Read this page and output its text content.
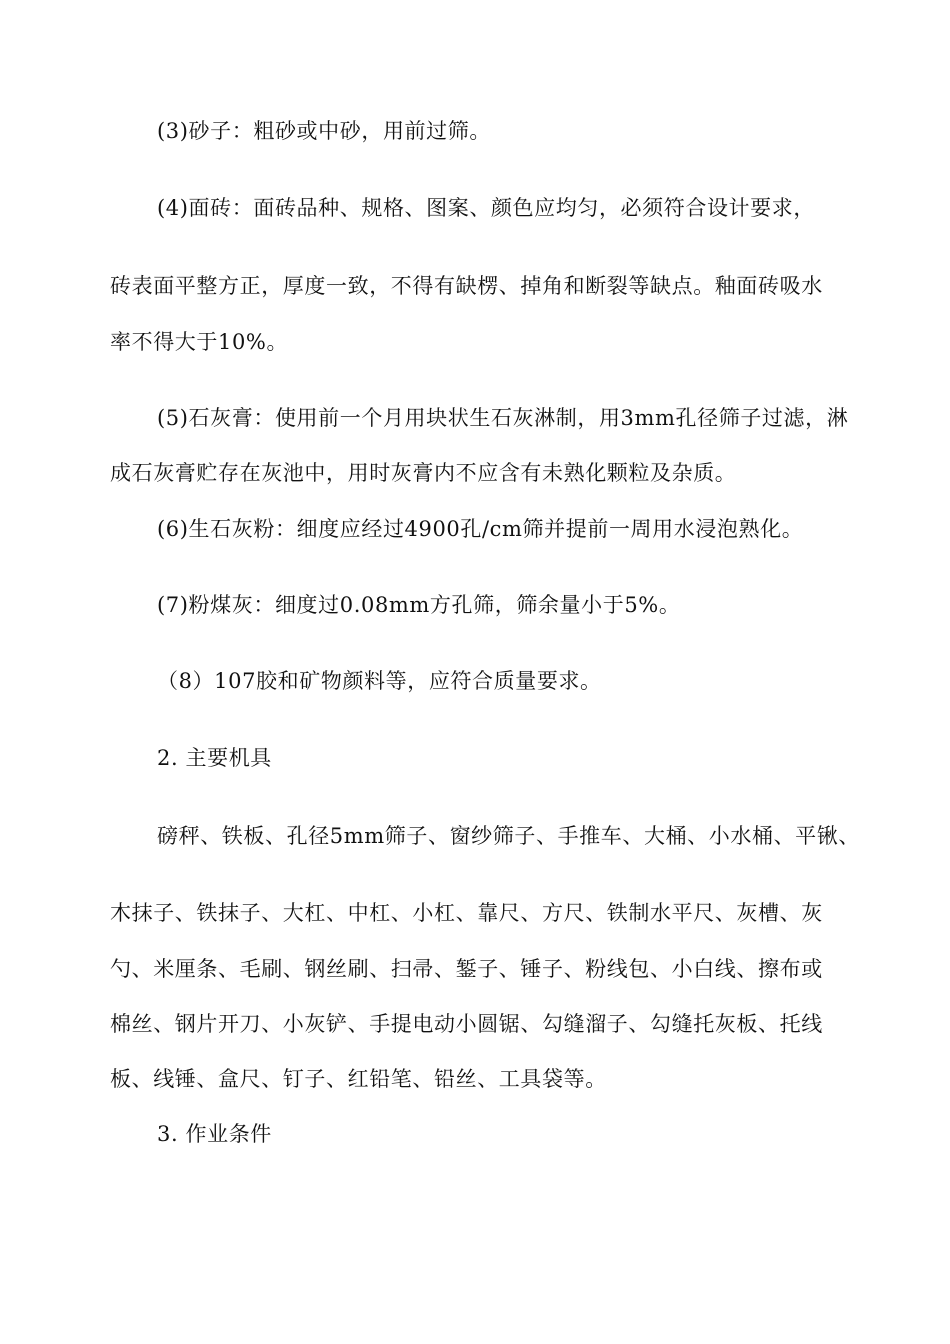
(3)砂子：粗砂或中砂，用前过筛。
(4)面砖：面砖品种、规格、图案、颜色应均匀，必须符合设计要求，
砖表面平整方正，厚度一致，不得有缺楞、掉角和断裂等缺点。釉面砖吸水
率不得大于10%。
(5)石灰膏：使用前一个月用块状生石灰淋制，用3mm孔径筛子过滤，淋
成石灰膏贮存在灰池中，用时灰膏内不应含有未熟化颗粒及杂质。
(6)生石灰粉：细度应经过4900孔/cm筛并提前一周用水浸泡熟化。
(7)粉煤灰：细度过0.08mm方孔筛，筛余量小于5%。
（8）107胶和矿物颜料等，应符合质量要求。
2. 主要机具
磅秤、铁板、孔径5mm筛子、窗纱筛子、手推车、大桶、小水桶、平锹、
木抹子、铁抹子、大杠、中杠、小杠、靠尺、方尺、铁制水平尺、灰槽、灰
勺、米厘条、毛刷、钢丝刷、扫帚、錾子、锤子、粉线包、小白线、擦布或
棉丝、钢片开刀、小灰铲、手提电动小圆锯、勾缝溜子、勾缝托灰板、托线
板、线锤、盒尺、钉子、红铅笔、铅丝、工具袋等。
3. 作业条件
